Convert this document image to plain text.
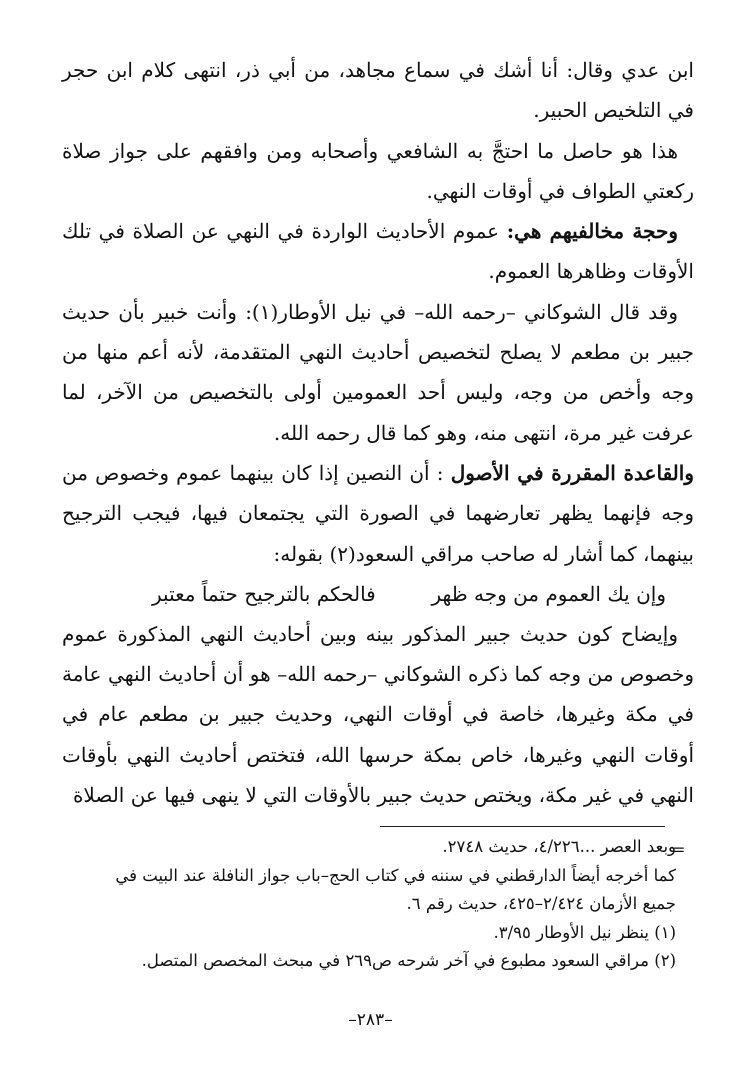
ابن عدي وقال: أنا أشك في سماع مجاهد، من أبي ذر، انتهى كلام ابن حجر في التلخيص الحبير.

هذا هو حاصل ما احتجَّ به الشافعي وأصحابه ومن وافقهم على جواز صلاة ركعتي الطواف في أوقات النهي.

وحجة مخالفيهم هي: عموم الأحاديث الواردة في النهي عن الصلاة في تلك الأوقات وظاهرها العموم.

وقد قال الشوكاني –رحمه الله– في نيل الأوطار(١): وأنت خبير بأن حديث جبير بن مطعم لا يصلح لتخصيص أحاديث النهي المتقدمة، لأنه أعم منها من وجه وأخص من وجه، وليس أحد العمومين أولى بالتخصيص من الآخر، لما عرفت غير مرة، انتهى منه، وهو كما قال رحمه الله.

والقاعدة المقررة في الأصول : أن النصين إذا كان بينهما عموم وخصوص من وجه فإنهما يظهر تعارضهما في الصورة التي يجتمعان فيها، فيجب الترجيح بينهما، كما أشار له صاحب مراقي السعود(٢) بقوله:

وإن يك العموم من وجه ظهر
فالحكم بالترجيح حتماً معتبر

وإيضاح كون حديث جبير المذكور بينه وبين أحاديث النهي المذكورة عموم وخصوص من وجه كما ذكره الشوكاني –رحمه الله– هو أن أحاديث النهي عامة في مكة وغيرها، خاصة في أوقات النهي، وحديث جبير بن مطعم عام في أوقات النهي وغيرها، خاص بمكة حرسها الله، فتختص أحاديث النهي بأوقات النهي في غير مكة، ويختص حديث جبير بالأوقات التي لا ينهى فيها عن الصلاة

=

وبعد العصر ...٤/٢٢٦، حديث ٢٧٤٨.

كما أخرجه أيضاً الدارقطني في سننه في كتاب الحج–باب جواز النافلة عند البيت في

جميع الأزمان ٢/٤٢٤–٤٢٥، حديث رقم ٦.

(١) ينظر نيل الأوطار ٣/٩٥.

(٢) مراقي السعود مطبوع في آخر شرحه ص٢٦٩ في مبحث المخصص المتصل.

–٢٨٣–
